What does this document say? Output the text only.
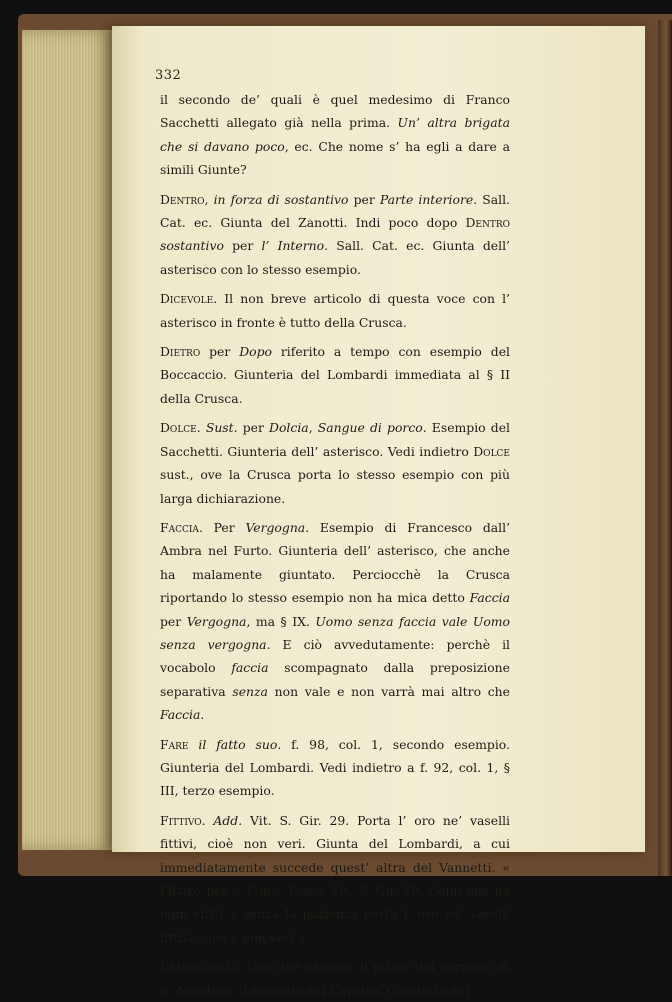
332

il secondo de’ quali è quel medesimo di Franco Sacchetti allegato già nella prima. Un’ altra brigata che si davano poco, ec. Che nome s’ ha egli a dare a simili Giunte?

Dentro, in forza di sostantivo per Parte interiore. Sall. Cat. ec. Giunta del Zanotti. Indi poco dopo Dentro sostantivo per l’ Interno. Sall. Cat. ec. Giunta dell’ asterisco con lo stesso esempio.

Dicevole. Il non breve articolo di questa voce con l’ asterisco in fronte è tutto della Crusca.

Dietro per Dopo riferito a tempo con esempio del Boccaccio. Giunteria del Lombardi immediata al § II della Crusca.

Dolce. Sust. per Dolcia, Sangue di porco. Esempio del Sacchetti. Giunteria dell’ asterisco. Vedi indietro Dolce sust., ove la Crusca porta lo stesso esempio con più larga dichiarazione.

Faccia. Per Vergogna. Esempio di Francesco dall’ Ambra nel Furto. Giunteria dell’ asterisco, che anche ha malamente giuntato. Perciocchè la Crusca riportando lo stesso esempio non ha mica detto Faccia per Vergogna, ma § IX. Uomo senza faccia vale Uomo senza vergogna. E ciò avvedutamente: perchè il vocabolo faccia scompagnato dalla preposizione separativa senza non vale e non varrà mai altro che Faccia.

Fare il fatto suo. f. 98, col. 1, secondo esempio. Giunteria del Lombardi. Vedi indietro a f. 92, col. 1, § III, terzo esempio.

Fittivo. Add. Vit. S. Gir. 29. Porta l’ oro ne’ vaselli fittivi, cioè non veri. Giunta del Lombardi, a cui immediatamente succede quest’ altra del Vannetti. « Fittivo per » Finto, Falso. Vit. S. Gir. 29. Colui che ha ogni virtù » senza la pazienza porta l’ oro ne’ vaselli fittivi, cioè » non veri ».

Fraudulenza. Con due esempi: il primo dei Sermoni di S. Agostino, il secondo del Cavalca. Giunteria del
